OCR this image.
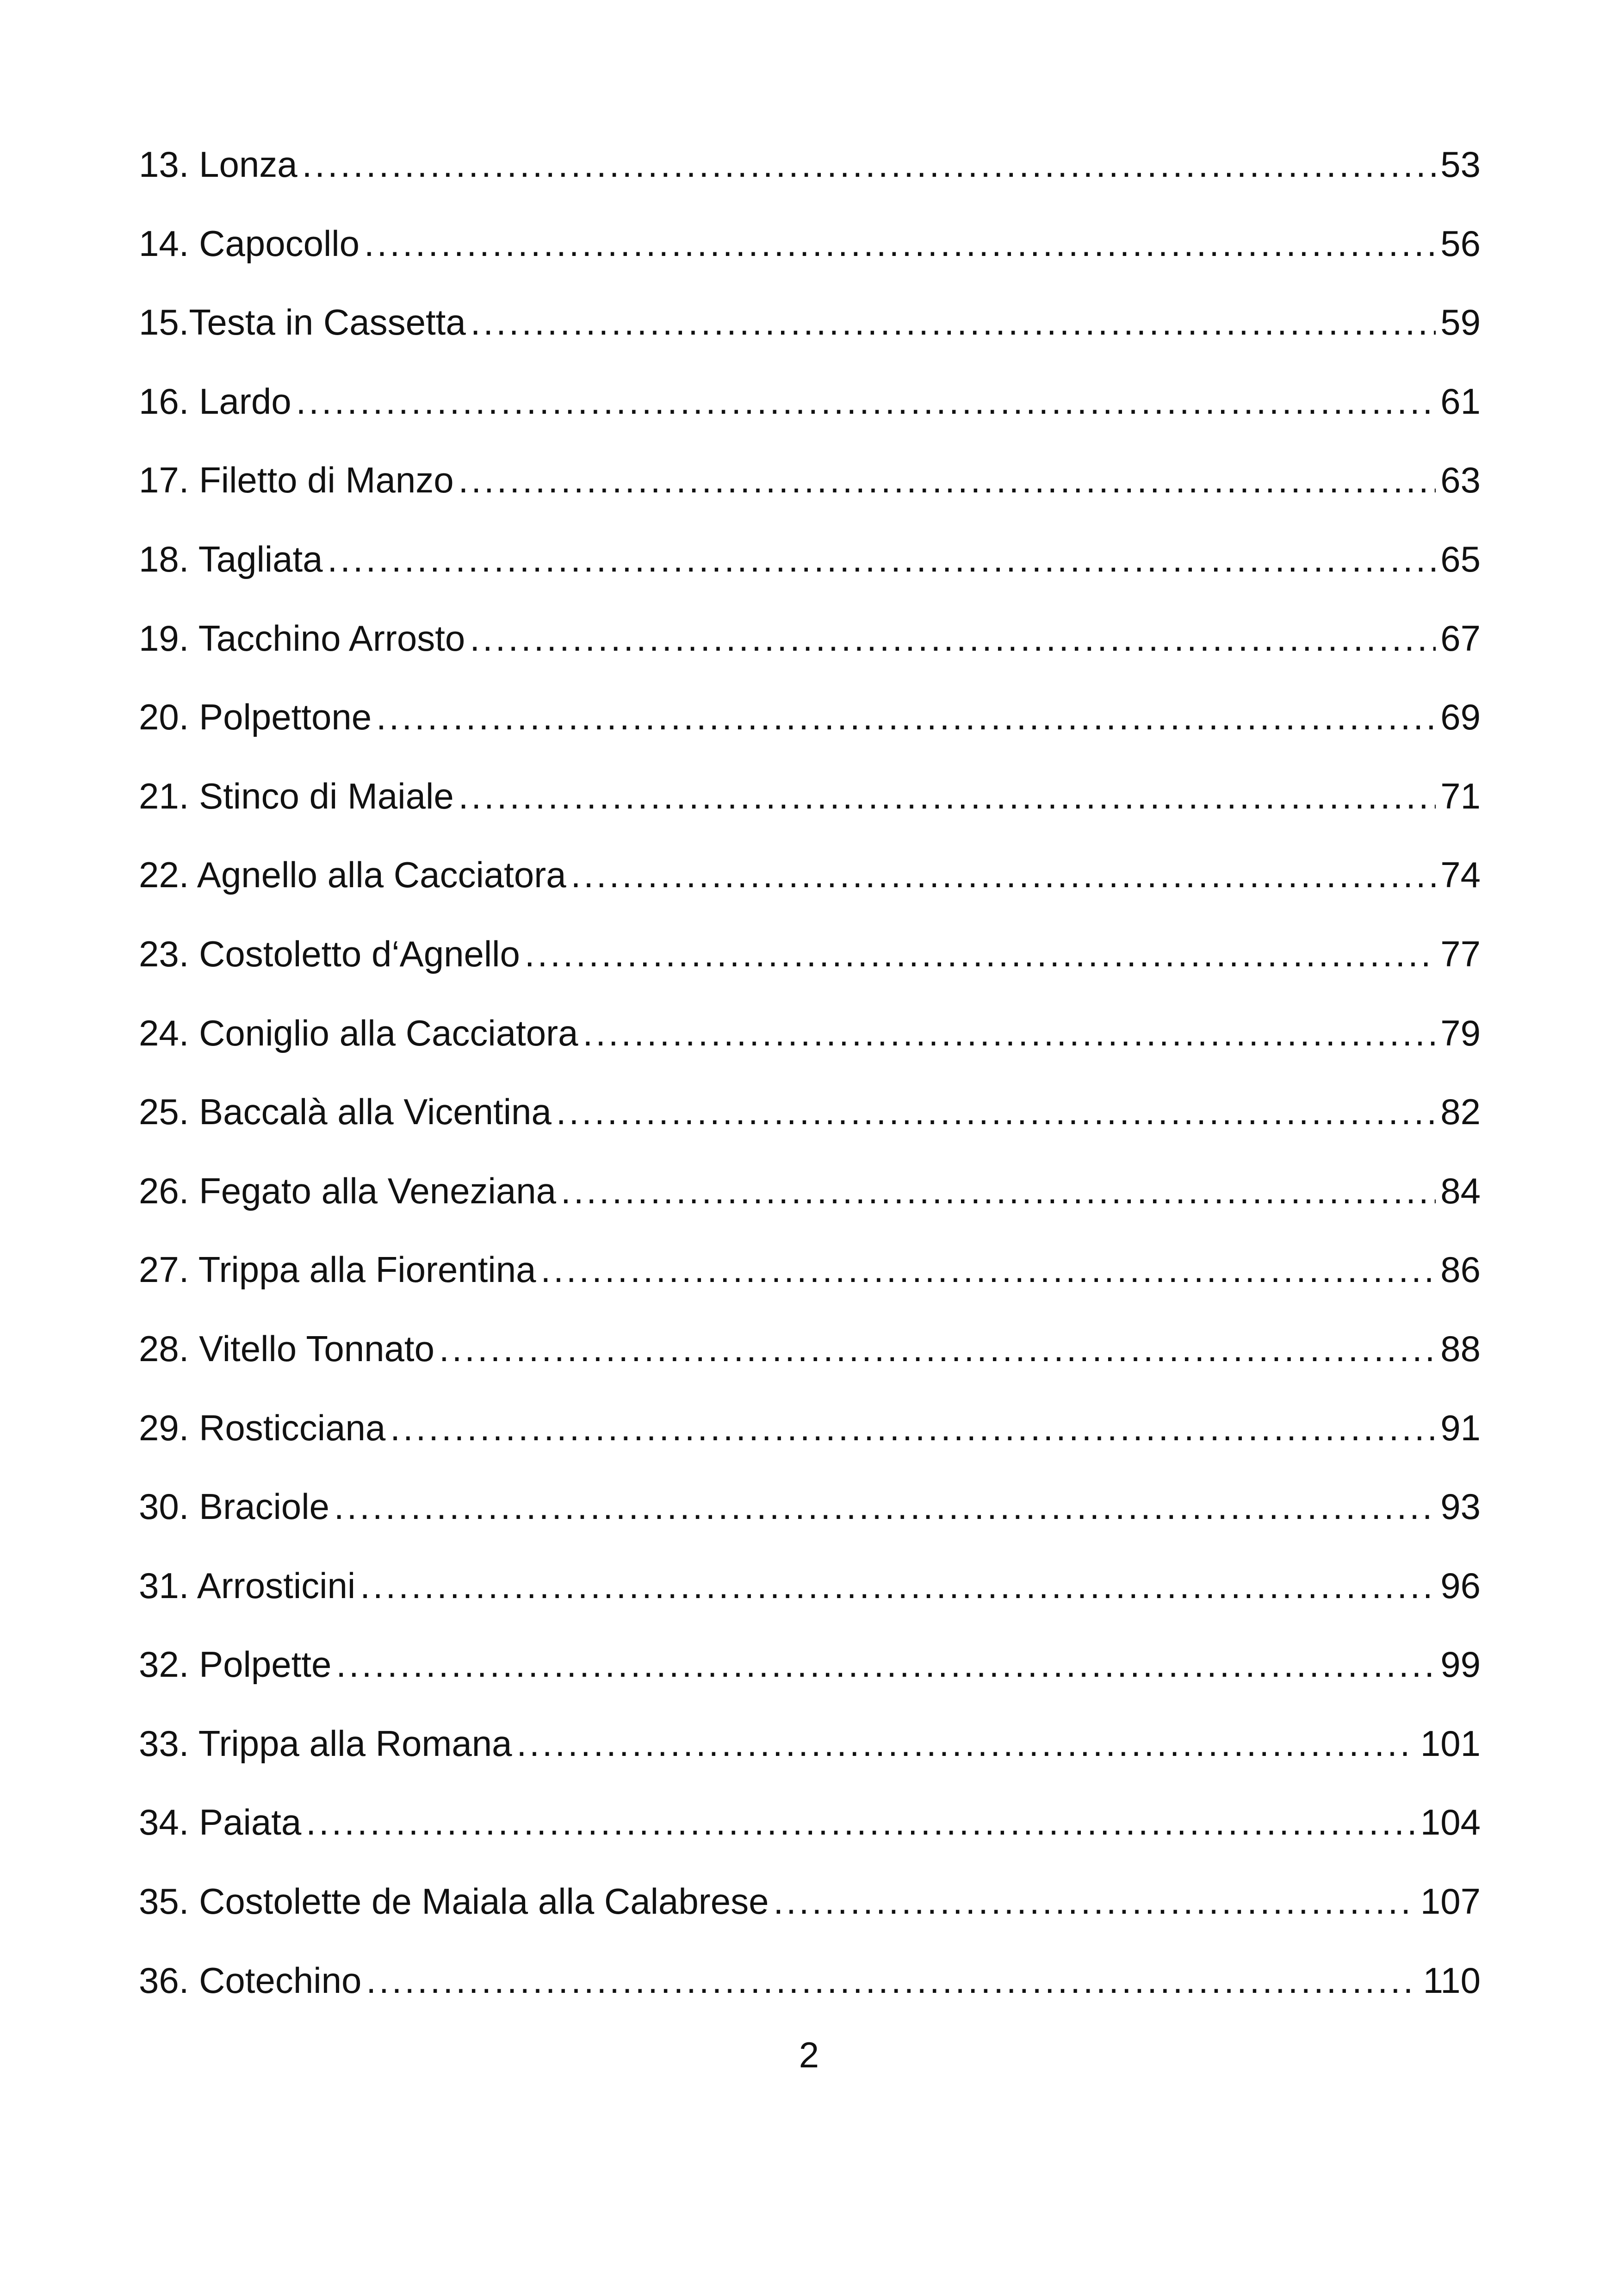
13. Lonza .....	53
14. Capocollo .....	56
15.Testa in Cassetta .....	59
16. Lardo .....	61
17. Filetto di Manzo .....	63
18. Tagliata .....	65
19. Tacchino Arrosto .....	67
20. Polpettone .....	69
21. Stinco di Maiale .....	71
22. Agnello alla Cacciatora .....	74
23. Costoletto d‘Agnello .....	77
24. Coniglio alla Cacciatora .....	79
25. Baccalà alla Vicentina .....	82
26. Fegato alla Veneziana .....	84
27. Trippa alla Fiorentina .....	86
28. Vitello Tonnato .....	88
29. Rosticciana .....	91
30. Braciole .....	93
31. Arrosticini .....	96
32. Polpette .....	99
33. Trippa alla Romana .....	101
34. Paiata .....	104
35. Costolette de Maiala alla Calabrese .....	107
36. Cotechino .....	110
2
